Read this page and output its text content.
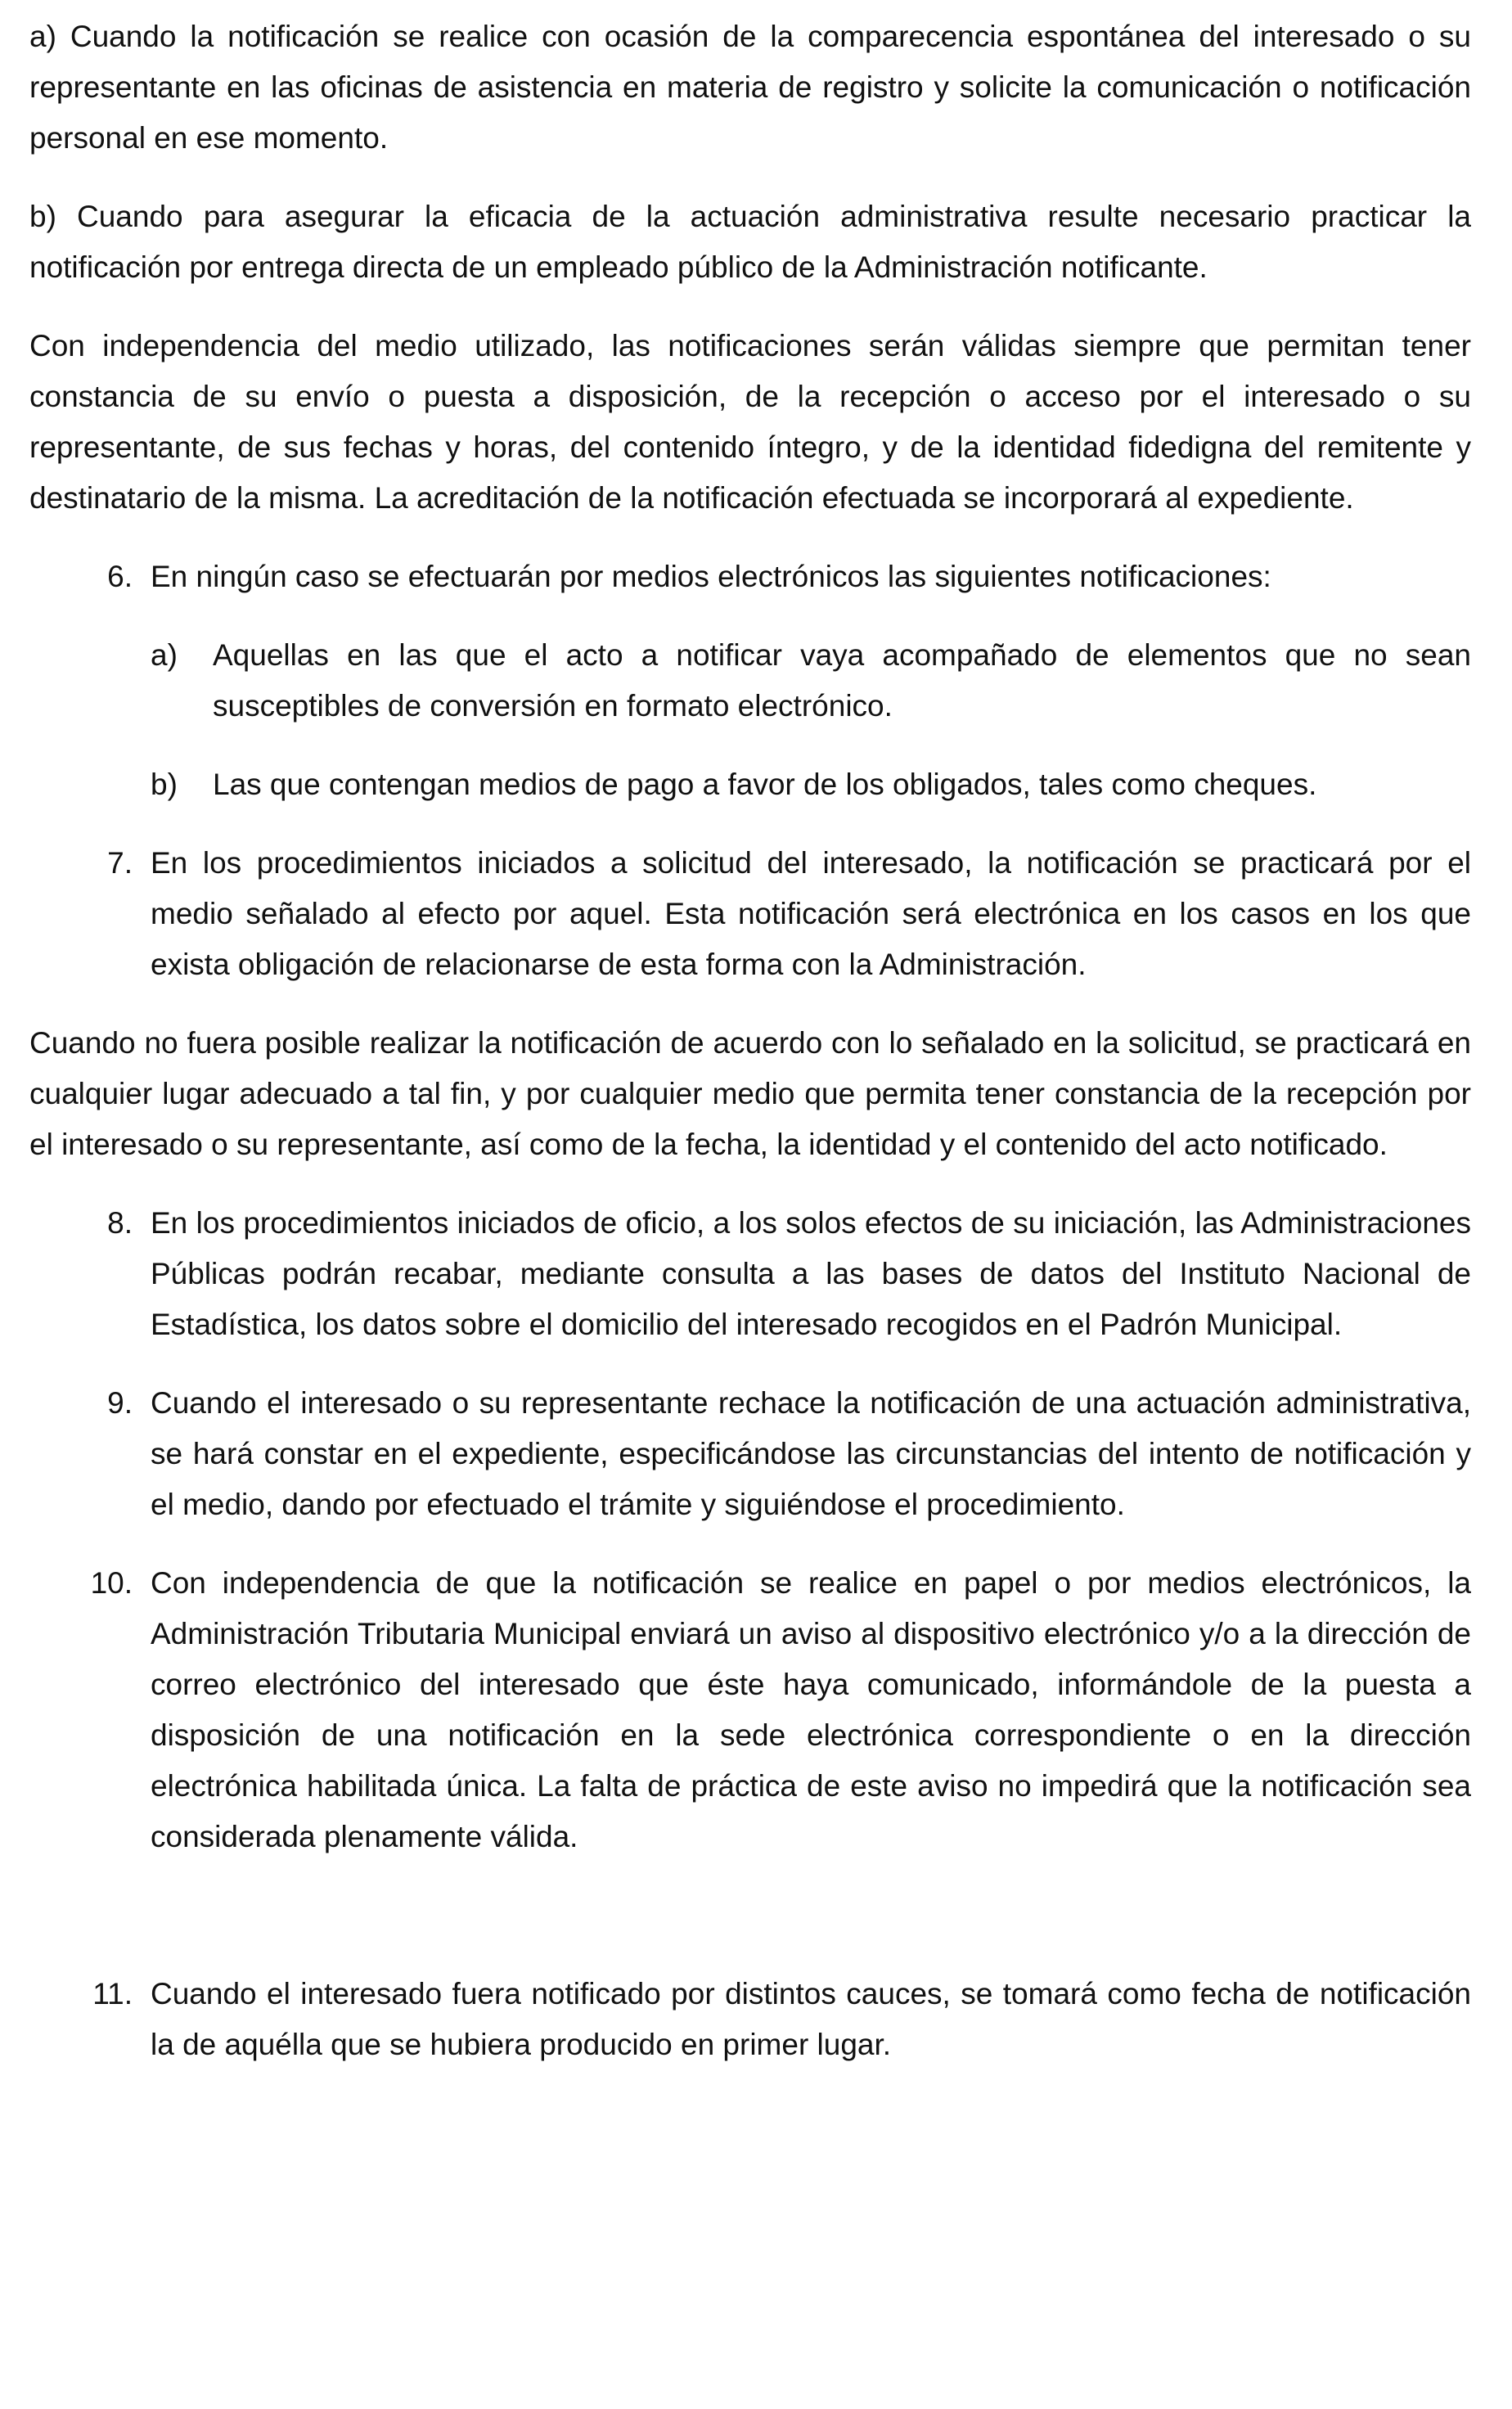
a) Cuando la notificación se realice con ocasión de la comparecencia espontánea del interesado o su representante en las oficinas de asistencia en materia de registro y solicite la comunicación o notificación personal en ese momento.

b) Cuando para asegurar la eficacia de la actuación administrativa resulte necesario practicar la notificación por entrega directa de un empleado público de la Administración notificante.

Con independencia del medio utilizado, las notificaciones serán válidas siempre que permitan tener constancia de su envío o puesta a disposición, de la recepción o acceso por el interesado o su representante, de sus fechas y horas, del contenido íntegro, y de la identidad fidedigna del remitente y destinatario de la misma. La acreditación de la notificación efectuada se incorporará al expediente.

6. En ningún caso se efectuarán por medios electrónicos las siguientes notificaciones:
a)	Aquellas en las que el acto a notificar vaya acompañado de elementos que no sean susceptibles de conversión en formato electrónico.
b)	Las que contengan medios de pago a favor de los obligados, tales como cheques.
7. En los procedimientos iniciados a solicitud del interesado, la notificación se practicará por el medio señalado al efecto por aquel. Esta notificación será electrónica en los casos en los que exista obligación de relacionarse de esta forma con la Administración.

Cuando no fuera posible realizar la notificación de acuerdo con lo señalado en la solicitud, se practicará en cualquier lugar adecuado a tal fin, y por cualquier medio que permita tener constancia de la recepción por el interesado o su representante, así como de la fecha, la identidad y el contenido del acto notificado.

8. En los procedimientos iniciados de oficio, a los solos efectos de su iniciación, las Administraciones Públicas podrán recabar, mediante consulta a las bases de datos del Instituto Nacional de Estadística, los datos sobre el domicilio del interesado recogidos en el Padrón Municipal.
9. Cuando el interesado o su representante rechace la notificación de una actuación administrativa, se hará constar en el expediente, especificándose las circunstancias del intento de notificación y el medio, dando por efectuado el trámite y siguiéndose el procedimiento.
10. Con independencia de que la notificación se realice en papel o por medios electrónicos, la Administración Tributaria Municipal enviará un aviso al dispositivo electrónico y/o a la dirección de correo electrónico del interesado que éste haya comunicado, informándole de la puesta a disposición de una notificación en la sede electrónica correspondiente o en la dirección electrónica habilitada única. La falta de práctica de este aviso no impedirá que la notificación sea considerada plenamente válida.
11. Cuando el interesado fuera notificado por distintos cauces, se tomará como fecha de notificación la de aquélla que se hubiera producido en primer lugar.
